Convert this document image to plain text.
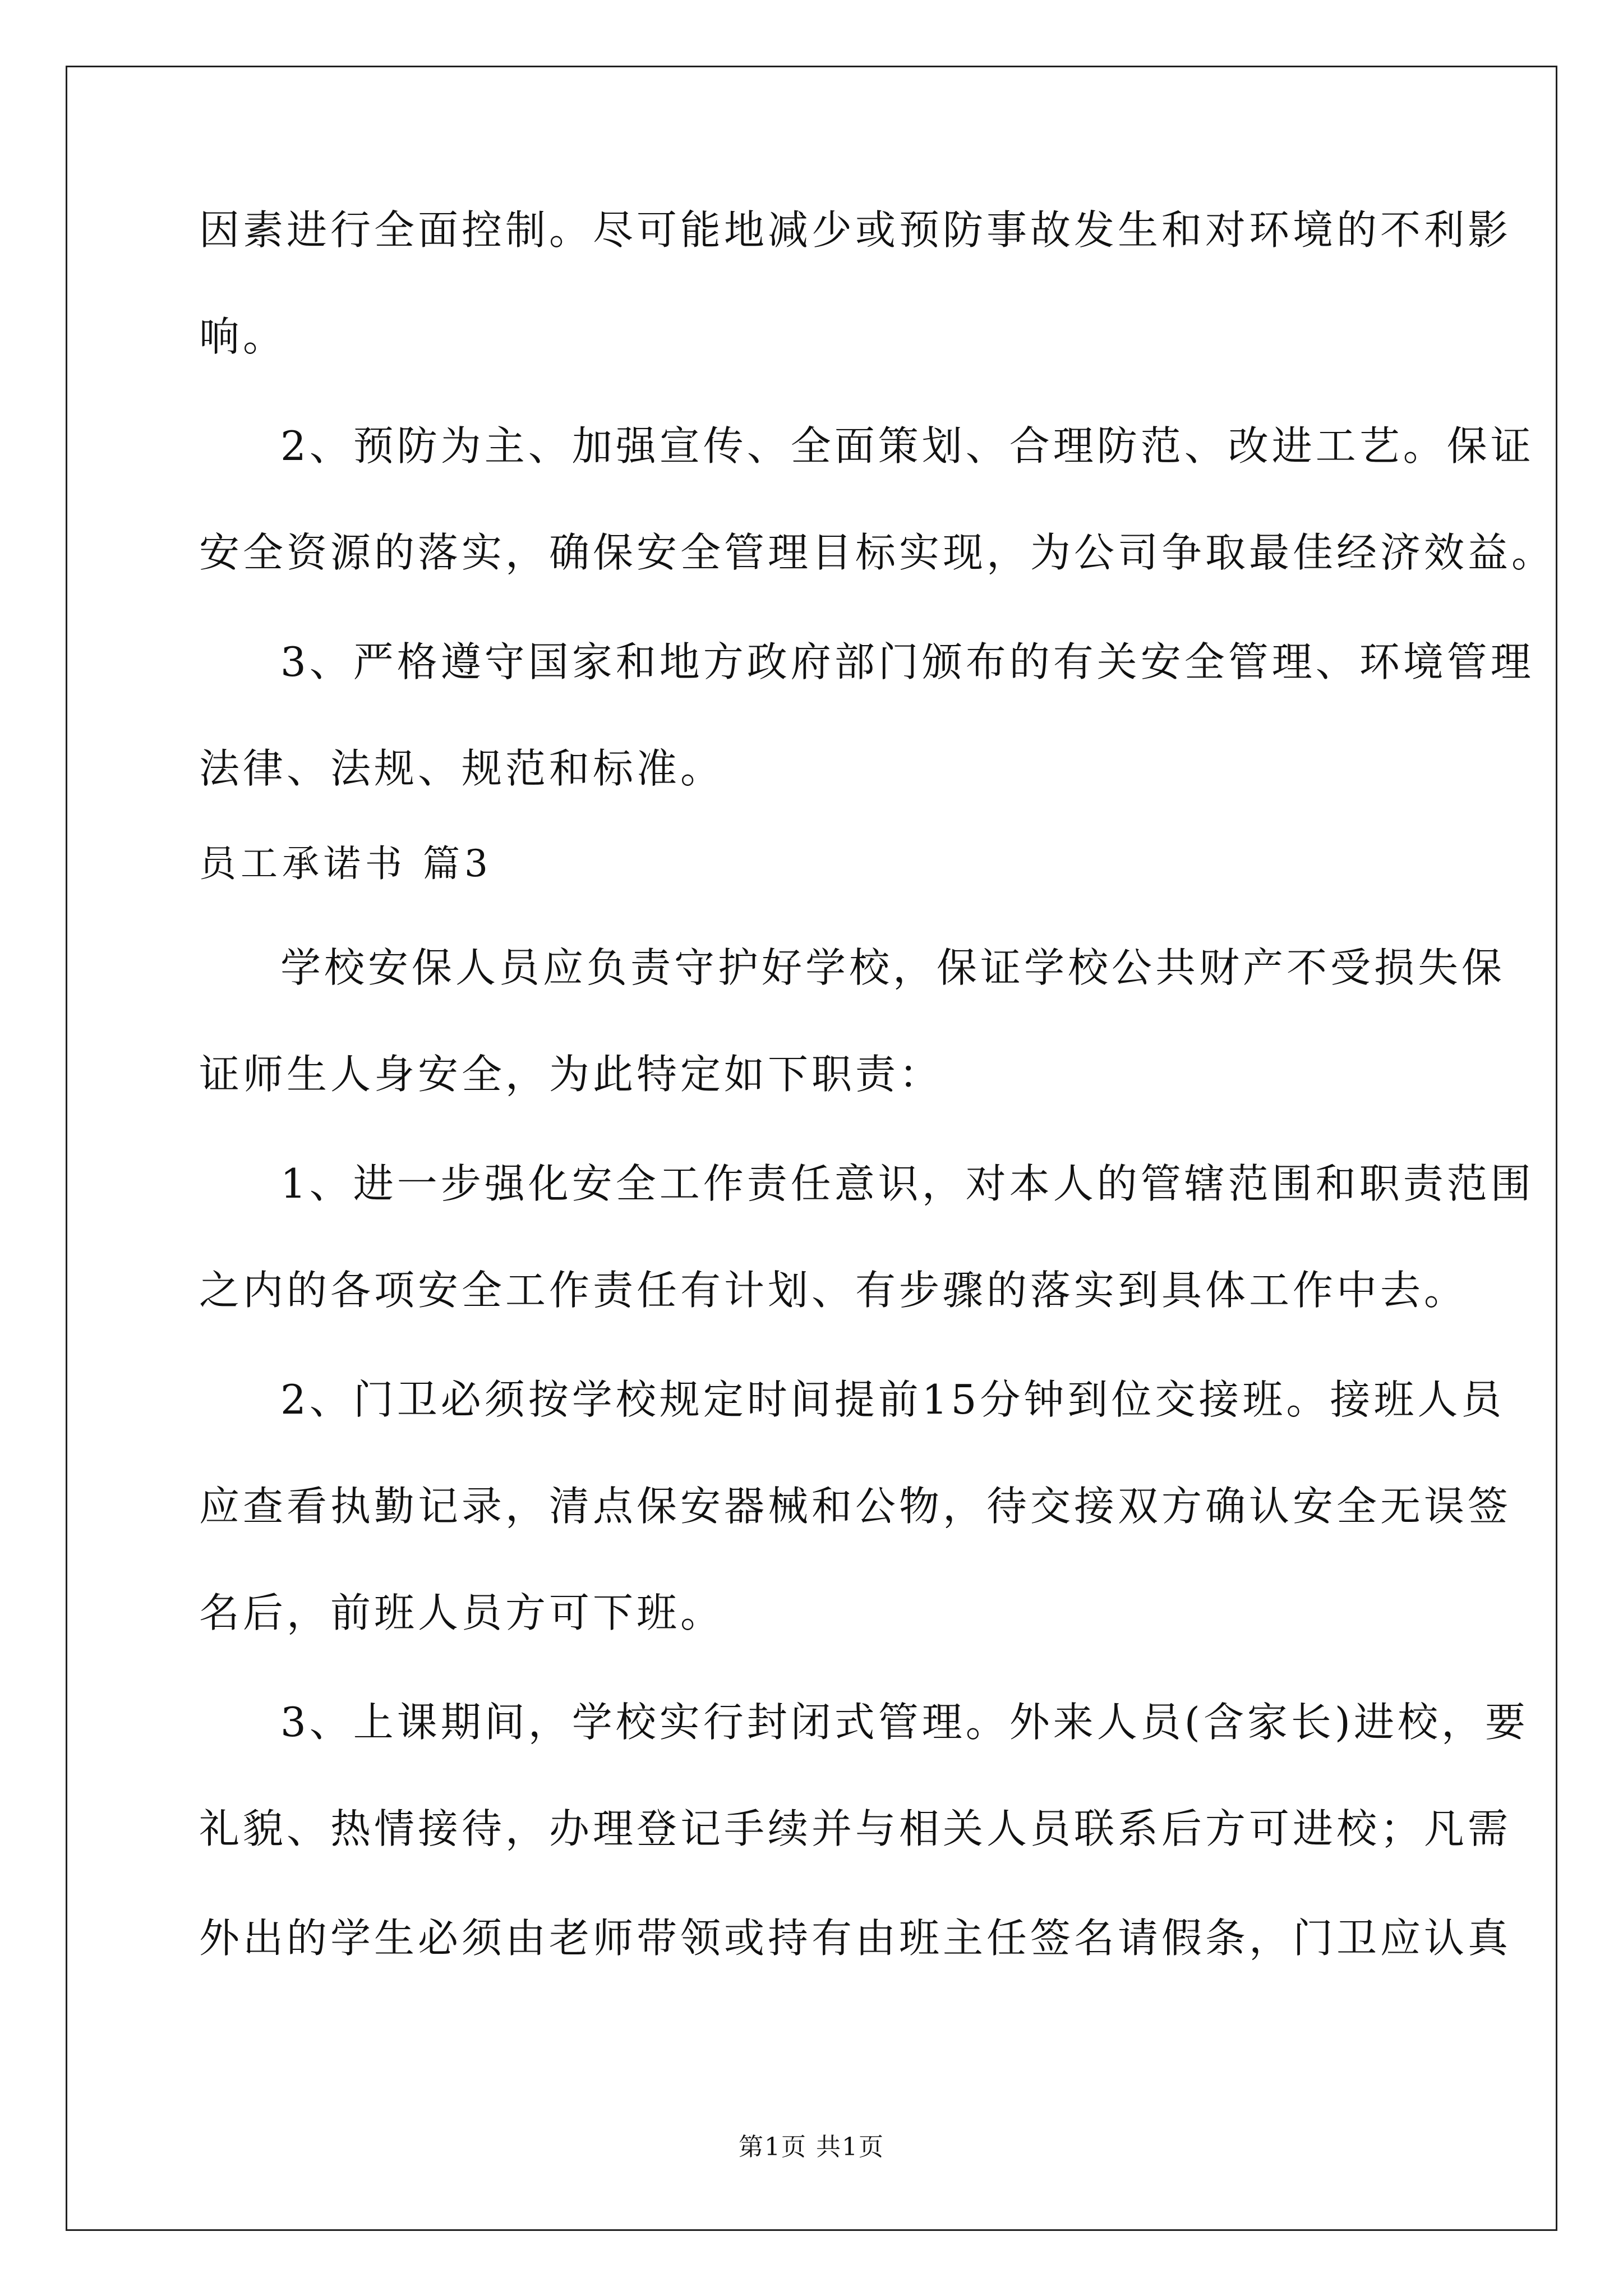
因素进行全面控制。尽可能地减少或预防事故发生和对环境的不利影
响。
2、预防为主、加强宣传、全面策划、合理防范、改进工艺。保证
安全资源的落实，确保安全管理目标实现，为公司争取最佳经济效益。
3、严格遵守国家和地方政府部门颁布的有关安全管理、环境管理
法律、法规、规范和标准。
员工承诺书 篇3
学校安保人员应负责守护好学校，保证学校公共财产不受损失保
证师生人身安全，为此特定如下职责：
1、进一步强化安全工作责任意识，对本人的管辖范围和职责范围
之内的各项安全工作责任有计划、有步骤的落实到具体工作中去。
2、门卫必须按学校规定时间提前15分钟到位交接班。接班人员
应查看执勤记录，清点保安器械和公物，待交接双方确认安全无误签
名后，前班人员方可下班。
3、上课期间，学校实行封闭式管理。外来人员(含家长)进校，要
礼貌、热情接待，办理登记手续并与相关人员联系后方可进校；凡需
外出的学生必须由老师带领或持有由班主任签名请假条，门卫应认真
第1页 共1页
